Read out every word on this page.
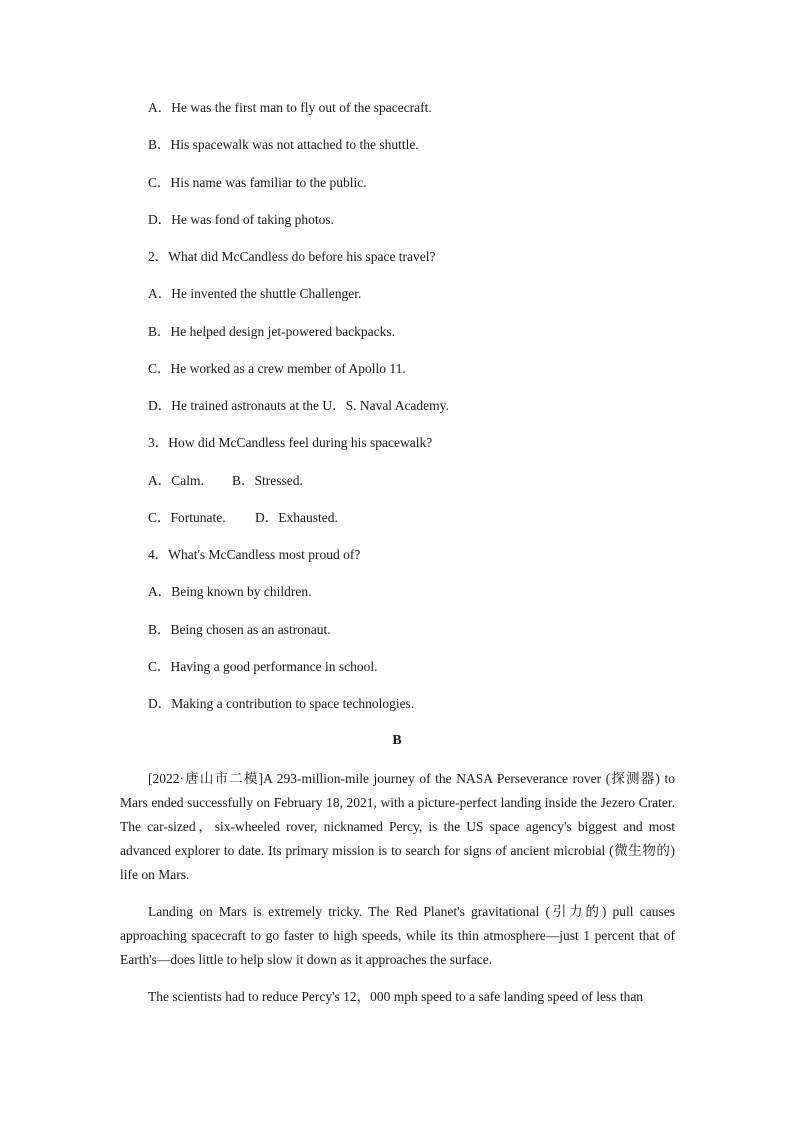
A．He was the first man to fly out of the spacecraft.
B．His spacewalk was not attached to the shuttle.
C．His name was familiar to the public.
D．He was fond of taking photos.
2．What did McCandless do before his space travel?
A．He invented the shuttle Challenger.
B．He helped design jet-powered backpacks.
C．He worked as a crew member of Apollo 11.
D．He trained astronauts at the U．S. Naval Academy.
3．How did McCandless feel during his spacewalk?
A．Calm. B．Stressed.
C．Fortunate. D．Exhausted.
4．What's McCandless most proud of?
A．Being known by children.
B．Being chosen as an astronaut.
C．Having a good performance in school.
D．Making a contribution to space technologies.
B
[2022·唐山市二模]A 293-million-mile journey of the NASA Perseverance rover (探测器) to Mars ended successfully on February 18, 2021, with a picture-perfect landing inside the Jezero Crater. The car-sized，six-wheeled rover, nicknamed Percy, is the US space agency's biggest and most advanced explorer to date. Its primary mission is to search for signs of ancient microbial (微生物的) life on Mars.
Landing on Mars is extremely tricky. The Red Planet's gravitational (引力的) pull causes approaching spacecraft to go faster to high speeds, while its thin atmosphere—just 1 percent that of Earth's—does little to help slow it down as it approaches the surface.
The scientists had to reduce Percy's 12，000 mph speed to a safe landing speed of less than
